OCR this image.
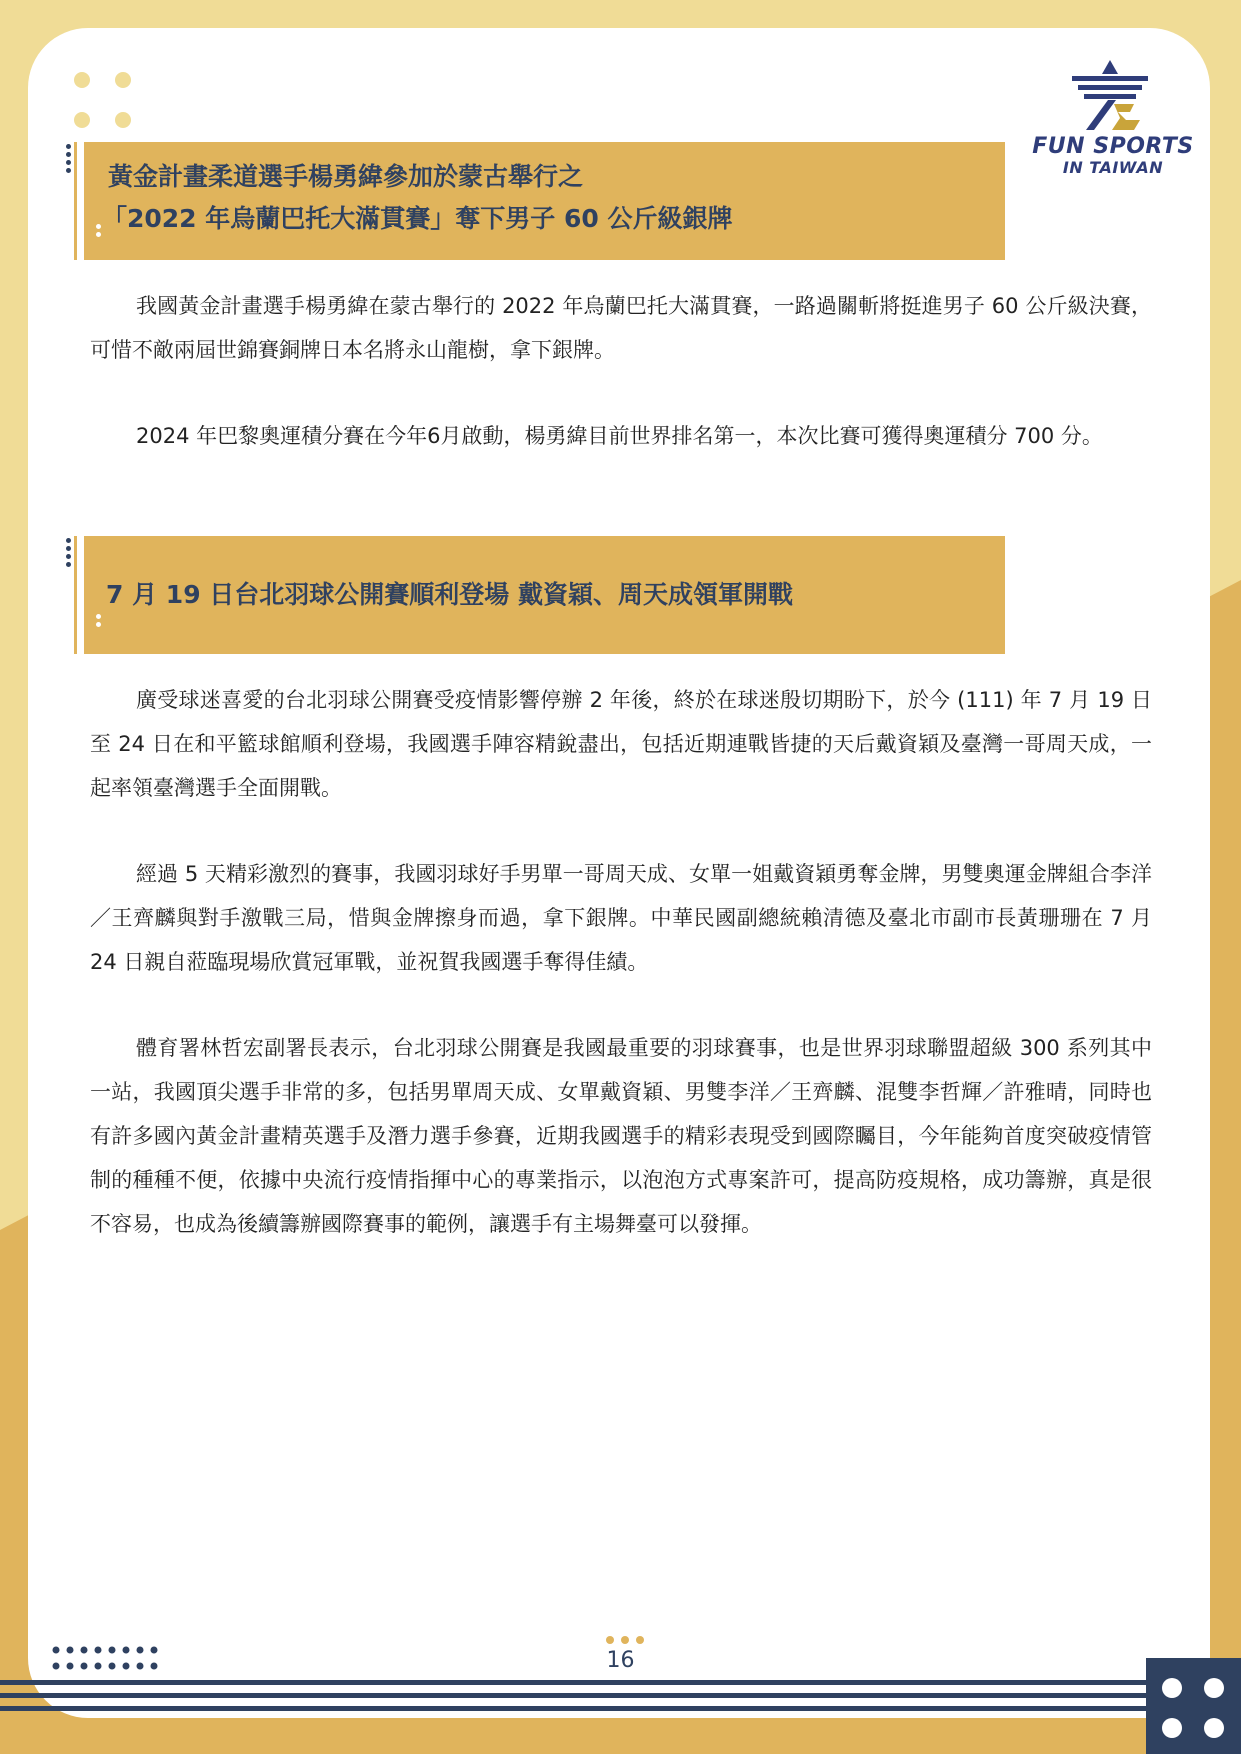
FUN SPORTS
IN TAIWAN
黃金計畫柔道選手楊勇緯參加於蒙古舉行之
「2022 年烏蘭巴托大滿貫賽」奪下男子 60 公斤級銀牌

我國黃金計畫選手楊勇緯在蒙古舉行的 2022 年烏蘭巴托大滿貫賽，一路過關斬將挺進男子 60 公斤級決賽，可惜不敵兩屆世錦賽銅牌日本名將永山龍樹，拿下銀牌。

2024 年巴黎奧運積分賽在今年6月啟動，楊勇緯目前世界排名第一，本次比賽可獲得奧運積分 700 分。

7 月 19 日台北羽球公開賽順利登場 戴資穎、周天成領軍開戰

廣受球迷喜愛的台北羽球公開賽受疫情影響停辦 2 年後，終於在球迷殷切期盼下，於今 (111) 年 7 月 19 日至 24 日在和平籃球館順利登場，我國選手陣容精銳盡出，包括近期連戰皆捷的天后戴資穎及臺灣一哥周天成，一起率領臺灣選手全面開戰。

經過 5 天精彩激烈的賽事，我國羽球好手男單一哥周天成、女單一姐戴資穎勇奪金牌，男雙奧運金牌組合李洋／王齊麟與對手激戰三局，惜與金牌擦身而過，拿下銀牌。中華民國副總統賴清德及臺北市副市長黃珊珊在 7 月 24 日親自蒞臨現場欣賞冠軍戰，並祝賀我國選手奪得佳績。

體育署林哲宏副署長表示，台北羽球公開賽是我國最重要的羽球賽事，也是世界羽球聯盟超級 300 系列其中一站，我國頂尖選手非常的多，包括男單周天成、女單戴資穎、男雙李洋／王齊麟、混雙李哲輝／許雅晴，同時也有許多國內黃金計畫精英選手及潛力選手參賽，近期我國選手的精彩表現受到國際矚目，今年能夠首度突破疫情管制的種種不便，依據中央流行疫情指揮中心的專業指示，以泡泡方式專案許可，提高防疫規格，成功籌辦，真是很不容易，也成為後續籌辦國際賽事的範例，讓選手有主場舞臺可以發揮。

16
